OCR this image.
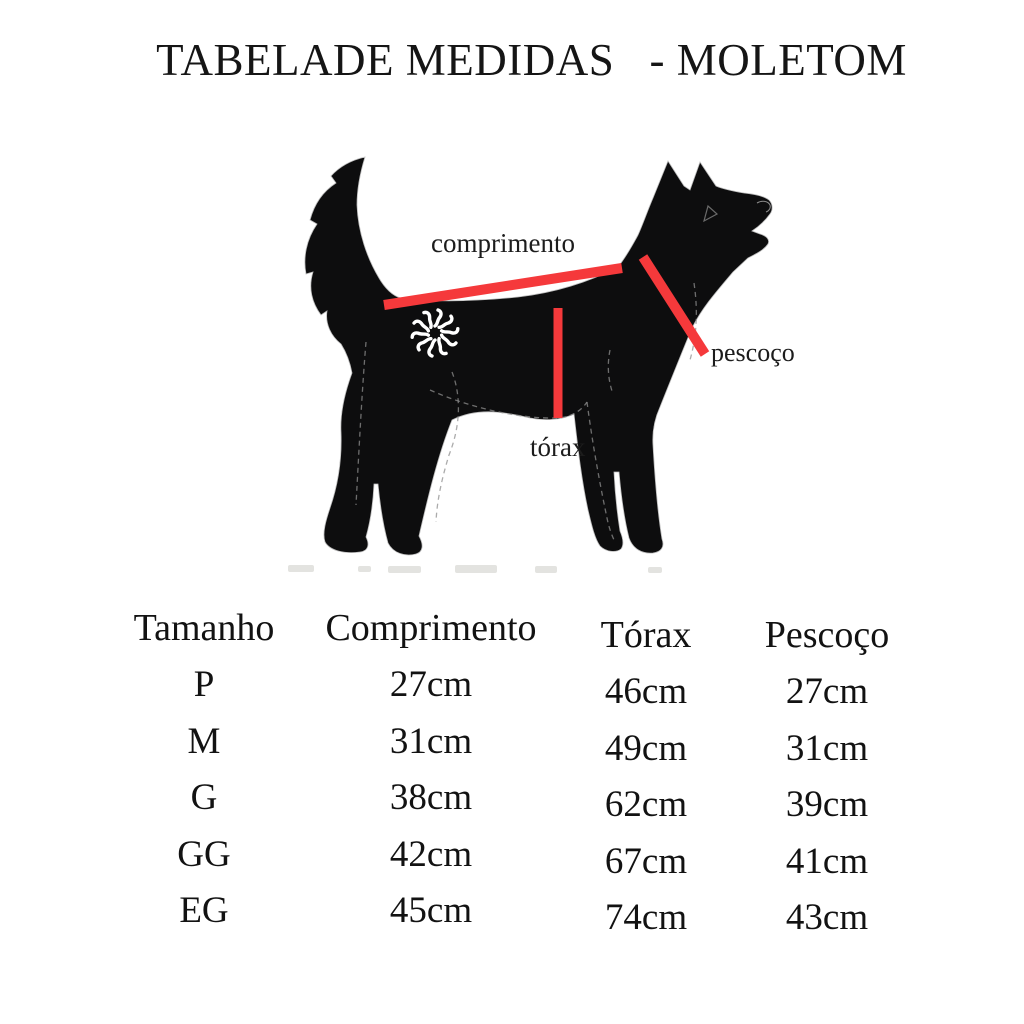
TABELADE MEDIDAS   - MOLETOM
comprimento
pescoço
tórax
Tamanho
P
M
G
GG
EG
Comprimento
27cm
31cm
38cm
42cm
45cm
Tórax
46cm
49cm
62cm
67cm
74cm
Pescoço
27cm
31cm
39cm
41cm
43cm
